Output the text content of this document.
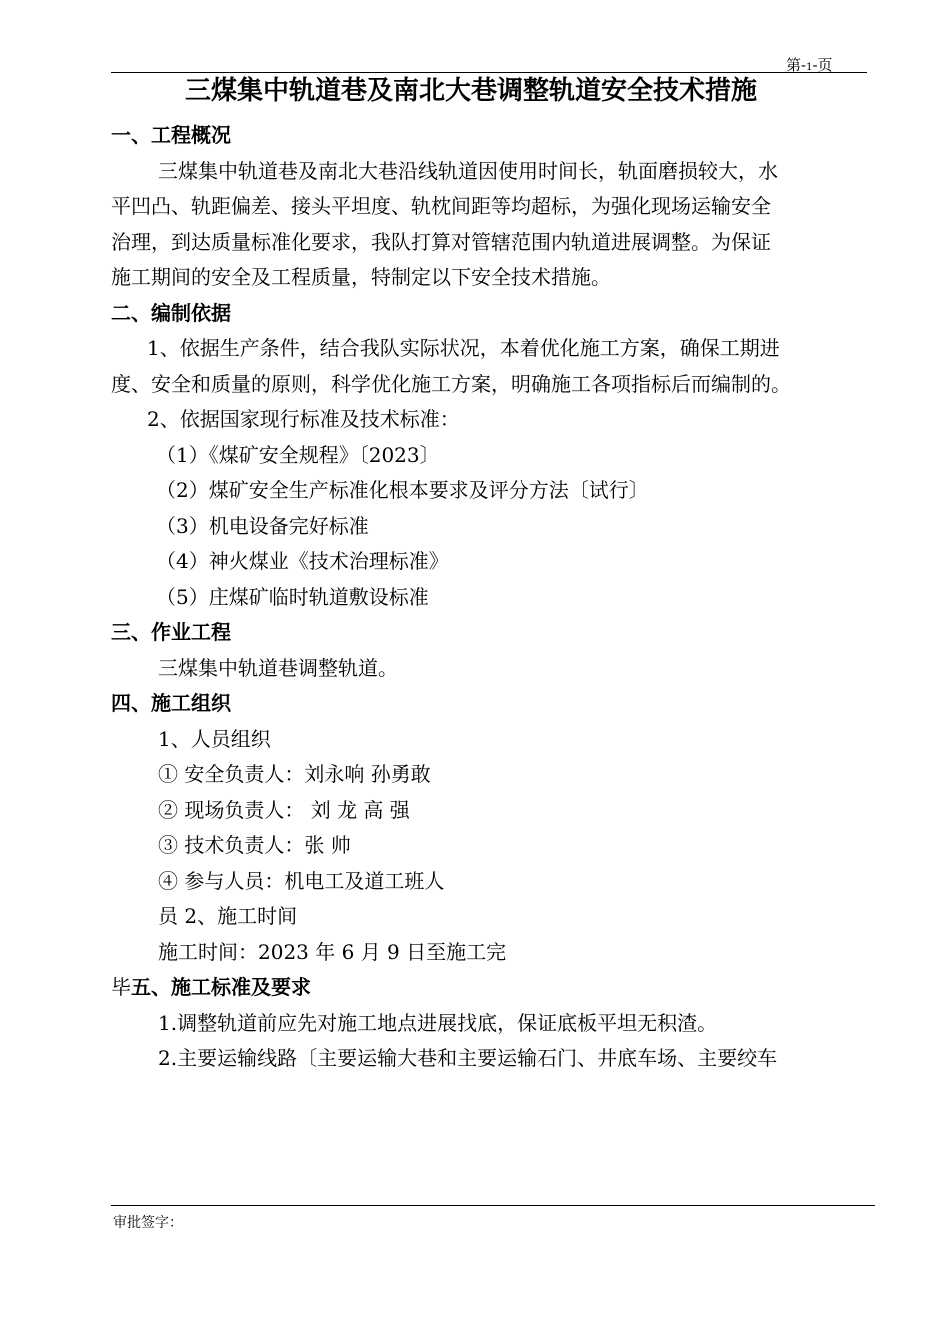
第-1-页
三煤集中轨道巷及南北大巷调整轨道安全技术措施
一、工程概况
三煤集中轨道巷及南北大巷沿线轨道因使用时间长，轨面磨损较大，水
平凹凸、轨距偏差、接头平坦度、轨枕间距等均超标，为强化现场运输安全
治理，到达质量标准化要求，我队打算对管辖范围内轨道进展调整。为保证
施工期间的安全及工程质量，特制定以下安全技术措施。
二、编制依据
1、依据生产条件，结合我队实际状况，本着优化施工方案，确保工期进
度、安全和质量的原则，科学优化施工方案，明确施工各项指标后而编制的。
2、依据国家现行标准及技术标准：
（1）《煤矿安全规程》〔2023〕
（2）煤矿安全生产标准化根本要求及评分方法〔试行〕
（3）机电设备完好标准
（4）神火煤业《技术治理标准》
（5）庄煤矿临时轨道敷设标准
三、作业工程
三煤集中轨道巷调整轨道。
四、施工组织
1、人员组织
① 安全负责人：刘永响 孙勇敢
② 现场负责人： 刘 龙 高 强
③ 技术负责人：张 帅
④ 参与人员：机电工及道工班人
员 2、施工时间
施工时间：2023 年 6 月 9 日至施工完
毕五、施工标准及要求
1.调整轨道前应先对施工地点进展找底，保证底板平坦无积渣。
2.主要运输线路〔主要运输大巷和主要运输石门、井底车场、主要绞车
审批签字：
